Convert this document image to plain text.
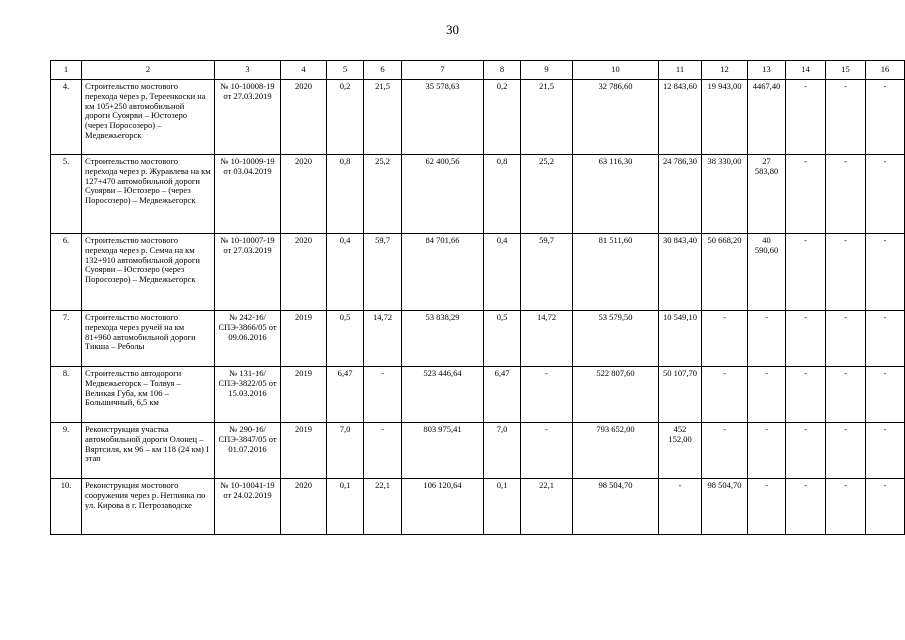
30
1	2	3	4	5	6	7	8	9	10	11	12	13	14	15	16
4.	Строительство мостового перехода через р. Тереенкоски на км 105+250 автомобильной дороги Суоярви – Юстозеро (через Поросозеро) – Медвежьегорск	№ 10-10008-19 от 27.03.2019	2020	0,2	21,5	35 578,63	0,2	21,5	32 786,60	12 843,60	19 943,00	4467,40	-	-	-
5.	Строительство мостового перехода через р. Журавлева на км 127+470 автомобильной дороги Суоярви – Юстозеро – (через Поросозеро) – Медвежьегорск	№ 10-10009-19 от 03.04.2019	2020	0,8	25,2	62 400,56	0,8	25,2	63 116,30	24 786,30	38 330,00	27 583,80	-	-	-
6.	Строительство мостового перехода через р. Семча на км 132+910 автомобильной дороги Суоярви – Юстозеро (через Поросозеро) – Медвежьегорск	№ 10-10007-19 от 27.03.2019	2020	0,4	59,7	84 701,66	0,4	59,7	81 511,60	30 843,40	50 668,20	40 590,60	-	-	-
7.	Строительство мостового перехода через ручей на км 81+960 автомобильной дороги Тикша – Реболы	№ 242-16/ СПЭ-3866/05 от 09.06.2016	2019	0,5	14,72	53 838,29	0,5	14,72	53 579,50	10 549,10	-	-	-	-	-
8.	Строительство автодороги Медвежьегорск – Толвуя – Великая Губа, км 106 – Большичный, 6,5 км	№ 131-16/ СПЭ-3822/05 от 15.03.2016	2019	6,47	-	523 446,64	6,47	-	522 807,60	50 107,70	-	-	-	-	-
9.	Реконструкция участка автомобильной дороги Олонец – Вяртсиля, км 96 – км 118 (24 км) I этап	№ 290-16/ СПЭ-3847/05 от 01.07.2016	2019	7,0	-	803 975,41	7,0	-	793 652,00	452 152,00	-	-	-	-	-
10.	Реконструкция мостового сооружения через р. Неглинка по ул. Кирова в г. Петрозаводске	№ 10-10041-19 от 24.02.2019	2020	0,1	22,1	106 120,64	0,1	22,1	98 504,70	-	98 504,70	-	-	-	-
